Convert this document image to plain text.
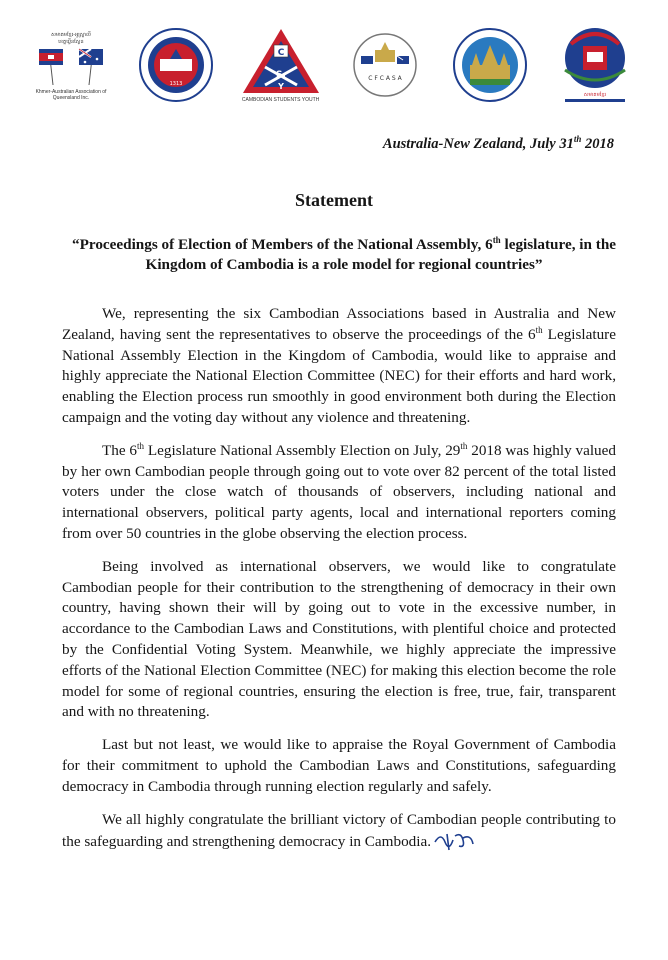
សមាគមខ្មែរ-អូស្ត្រាលី
ខេត្តឃ្វីនស្លែន
Khmer-Australian Association of Queensland Inc.
1313
C
S.
Y
CAMBODIAN STUDENTS YOUTH
C F C A S A
សមាគមខ្មែរ
Australia-New Zealand, July 31th 2018
Statement
“Proceedings of Election of Members of the National Assembly, 6th legislature, in the Kingdom of Cambodia is a role model for regional countries”

We, representing the six Cambodian Associations based in Australia and New Zealand, having sent the representatives to observe the proceedings of the 6th Legislature National Assembly Election in the Kingdom of Cambodia, would like to appraise and highly appreciate the National Election Committee (NEC) for their efforts and hard work, enabling the Election process run smoothly in good environment both during the Election campaign and the voting day without any violence and threatening.

The 6th Legislature National Assembly Election on July, 29th 2018 was highly valued by her own Cambodian people through going out to vote over 82 percent of the total listed voters under the close watch of thousands of observers, including national and international observers, political party agents, local and international reporters coming from over 50 countries in the globe observing the election process.

Being involved as international observers, we would like to congratulate Cambodian people for their contribution to the strengthening of democracy in their own country, having shown their will by going out to vote in the excessive number, in accordance to the Cambodian Laws and Constitutions, with plentiful choice and protected by the Confidential Voting System. Meanwhile, we highly appreciate the impressive efforts of the National Election Committee (NEC) for making this election become the role model for some of regional countries, ensuring the election is free, true, fair, transparent and with no threatening.

Last but not least, we would like to appraise the Royal Government of Cambodia for their commitment to uphold the Cambodian Laws and Constitutions, safeguarding democracy in Cambodia through running election regularly and safely.

We all highly congratulate the brilliant victory of Cambodian people contributing to the safeguarding and strengthening democracy in Cambodia.
